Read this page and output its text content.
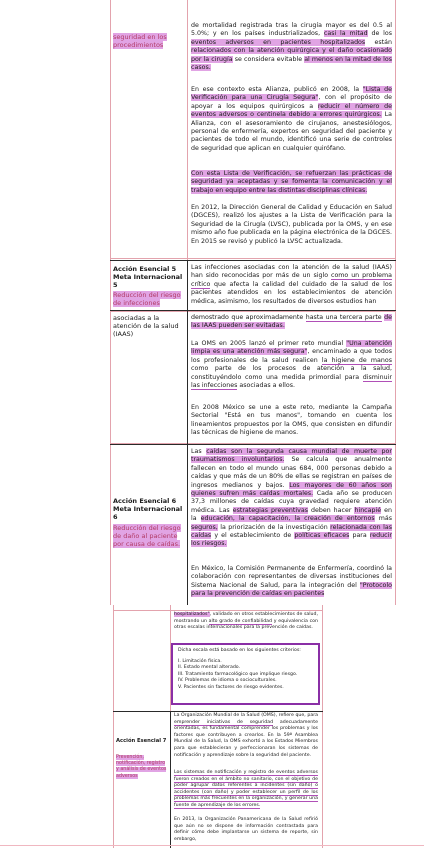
seguridad en los procedimientos

de mortalidad registrada tras la cirugía mayor es del 0.5 al 5.0%; y en los países industrializados, casi la mitad de los eventos adversos en pacientes hospitalizados están relacionados con la atención quirúrgica y el daño ocasionado por la cirugía se considera evitable al menos en la mitad de los casos.

En ese contexto esta Alianza, publicó en 2008, la "Lista de Verificación para una Cirugía Segura", con el propósito de apoyar a los equipos quirúrgicos a reducir el número de eventos adversos o centinela debido a errores quirúrgicos. La Alianza, con el asesoramiento de cirujanos, anestesiólogos, personal de enfermería, expertos en seguridad del paciente y pacientes de todo el mundo, identificó una serie de controles de seguridad que aplican en cualquier quirófano.

Con esta Lista de Verificación, se refuerzan las prácticas de seguridad ya aceptadas y se fomenta la comunicación y el trabajo en equipo entre las distintas disciplinas clínicas.

En 2012, la Dirección General de Calidad y Educación en Salud (DGCES), realizó los ajustes a la Lista de Verificación para la Seguridad de la Cirugía (LVSC), publicada por la OMS, y en ese mismo año fue publicada en la página electrónica de la DGCES. En 2015 se revisó y publicó la LVSC actualizada.

Acción Esencial 5 Meta Internacional 5

Reducción del riesgo de infecciones

Las infecciones asociadas con la atención de la salud (IAAS) han sido reconocidas por más de un siglo como un problema crítico que afecta la calidad del cuidado de la salud de los pacientes atendidos en los establecimientos de atención médica, asimismo, los resultados de diversos estudios han

asociadas a la atención de la salud (IAAS)

demostrado que aproximadamente hasta una tercera parte de las IAAS pueden ser evitadas.

La OMS en 2005 lanzó el primer reto mundial "Una atención limpia es una atención más segura", encaminado a que todos los profesionales de la salud realicen la higiene de manos como parte de los procesos de atención a la salud, constituyéndolo como una medida primordial para disminuir las infecciones asociadas a ellos.

En 2008 México se une a este reto, mediante la Campaña Sectorial "Está en tus manos", tomando en cuenta los lineamientos propuestos por la OMS, que consisten en difundir las técnicas de higiene de manos.

Acción Esencial 6 Meta Internacional 6

Reducción del riesgo de daño al paciente por causa de caídas.

Las caídas son la segunda causa mundial de muerte por traumatismos involuntarios. Se calcula que anualmente fallecen en todo el mundo unas 684, 000 personas debido a caídas y que más de un 80% de ellas se registran en países de ingresos medianos y bajos. Los mayores de 60 años son quienes sufren más caídas mortales. Cada año se producen 37,3 millones de caídas cuya gravedad requiere atención médica. Las estrategias preventivas deben hacer hincapié en la educación, la capacitación, la creación de entornos más seguros, la priorización de la investigación relacionada con las caídas y el establecimiento de políticas eficaces para reducir los riesgos.

En México, la Comisión Permanente de Enfermería, coordinó la colaboración con representantes de diversas instituciones del Sistema Nacional de Salud, para la integración del "Protocolo para la prevención de caídas en pacientes

hospitalizados", validado en otros establecimientos de salud, mostrando un alto grado de confiabilidad y equivalencia con otras escalas internacionales para la prevención de caídas.

Dicha escala está basado en los siguientes criterios:
I. Limitación física.
II. Estado mental alterado.
III. Tratamiento farmacológico que implique riesgo.
IV. Problemas de idioma o socioculturales.
V. Pacientes sin factores de riesgo evidentes.

Acción Esencial 7

Prevención, notificación, registro y análisis de eventos adversos

La Organización Mundial de la Salud (OMS), refiere que, para emprender iniciativas de seguridad adecuadamente orientadas, es fundamental comprender los problemas y los factores que contribuyen a crearlos. En la 59ª Asamblea Mundial de la Salud, la OMS exhortó a los Estados Miembros para que establecieran y perfeccionaran los sistemas de notificación y aprendizaje sobre la seguridad del paciente.

Los sistemas de notificación y registro de eventos adversos fueron creados en el ámbito no sanitario, con el objetivo de poder agrupar datos referentes a incidentes (sin daño) o accidentes (con daño) y poder establecer un perfil de los problemas más frecuentes en la organización, y generar una fuente de aprendizaje de los errores.

En 2013, la Organización Panamericana de la Salud refirió que aún no se dispone de información contrastada para definir cómo debe implantarse un sistema de reporte, sin embargo,
